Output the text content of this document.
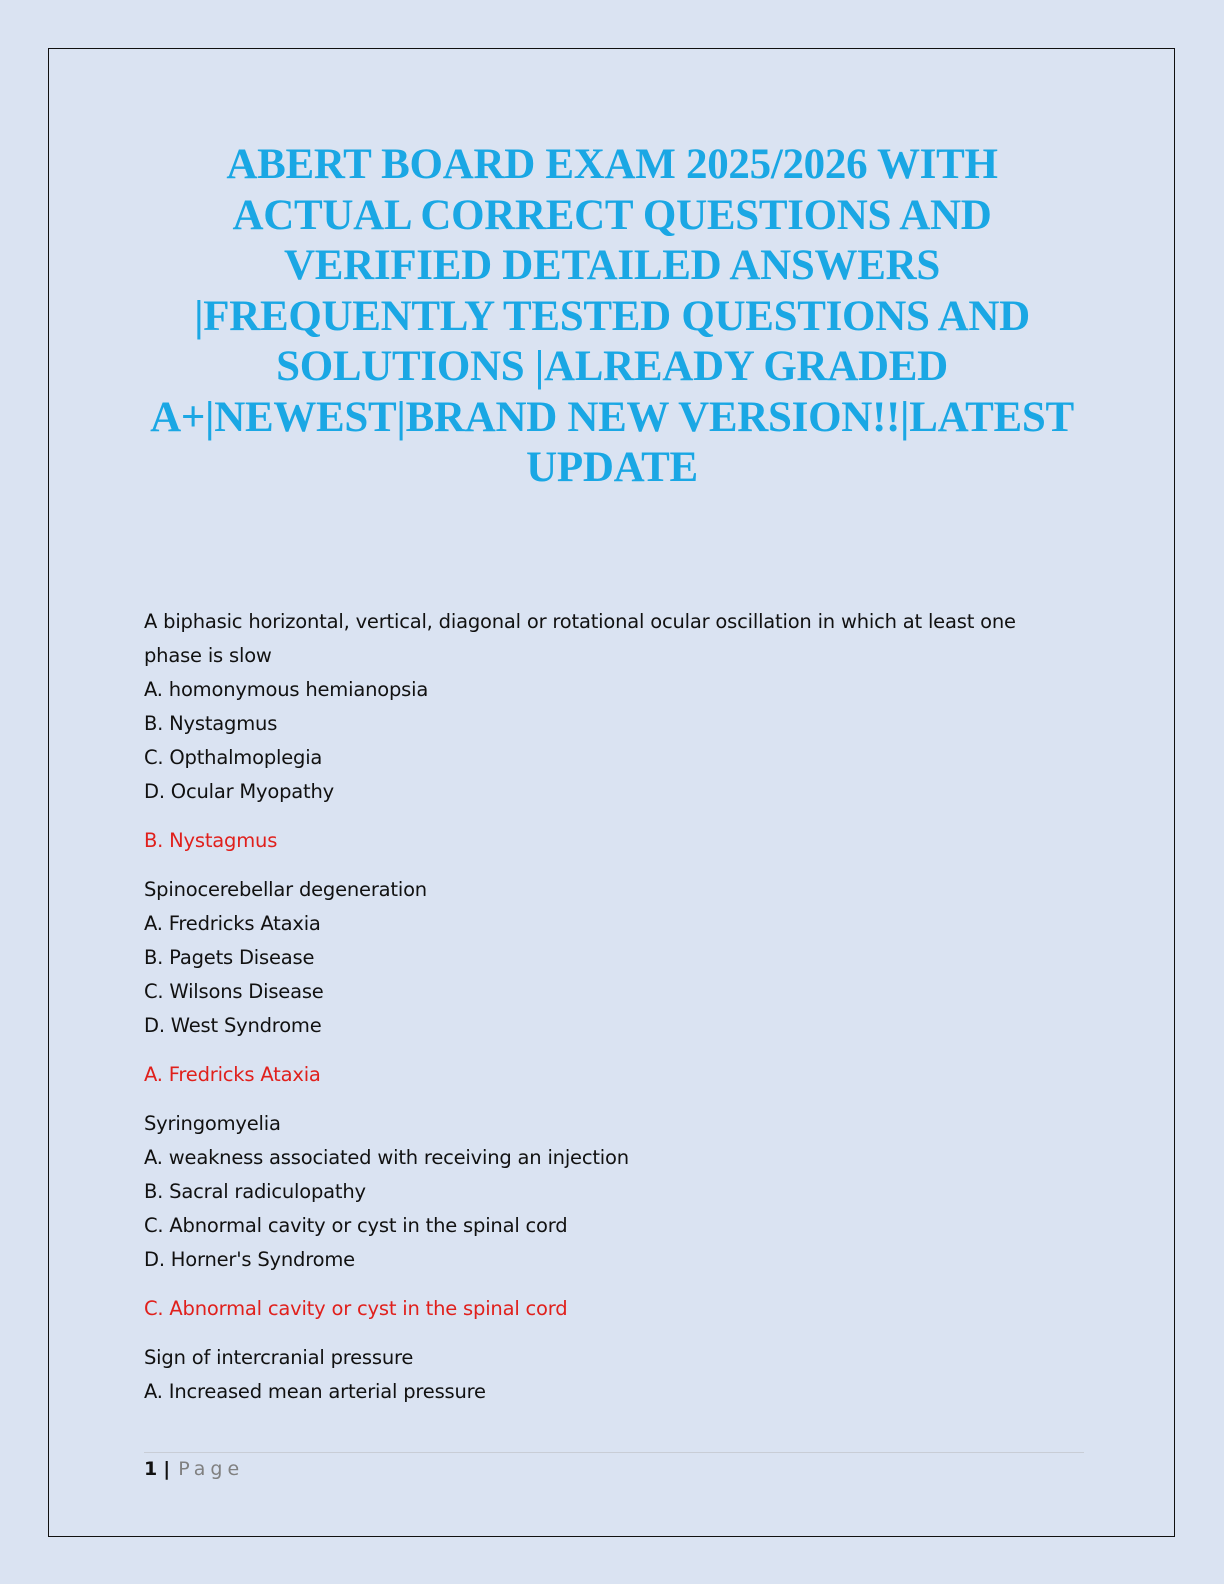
ABERT BOARD EXAM 2025/2026 WITH
ACTUAL CORRECT QUESTIONS AND
VERIFIED DETAILED ANSWERS
|FREQUENTLY TESTED QUESTIONS AND
SOLUTIONS |ALREADY GRADED
A+|NEWEST|BRAND NEW VERSION!!|LATEST
UPDATE
A biphasic horizontal, vertical, diagonal or rotational ocular oscillation in which at least one
phase is slow
A. homonymous hemianopsia
B. Nystagmus
C. Opthalmoplegia
D. Ocular Myopathy
B. Nystagmus
Spinocerebellar degeneration
A. Fredricks Ataxia
B. Pagets Disease
C. Wilsons Disease
D. West Syndrome
A. Fredricks Ataxia
Syringomyelia
A. weakness associated with receiving an injection
B. Sacral radiculopathy
C. Abnormal cavity or cyst in the spinal cord
D. Horner's Syndrome
C. Abnormal cavity or cyst in the spinal cord
Sign of intercranial pressure
A. Increased mean arterial pressure
1 | Page
